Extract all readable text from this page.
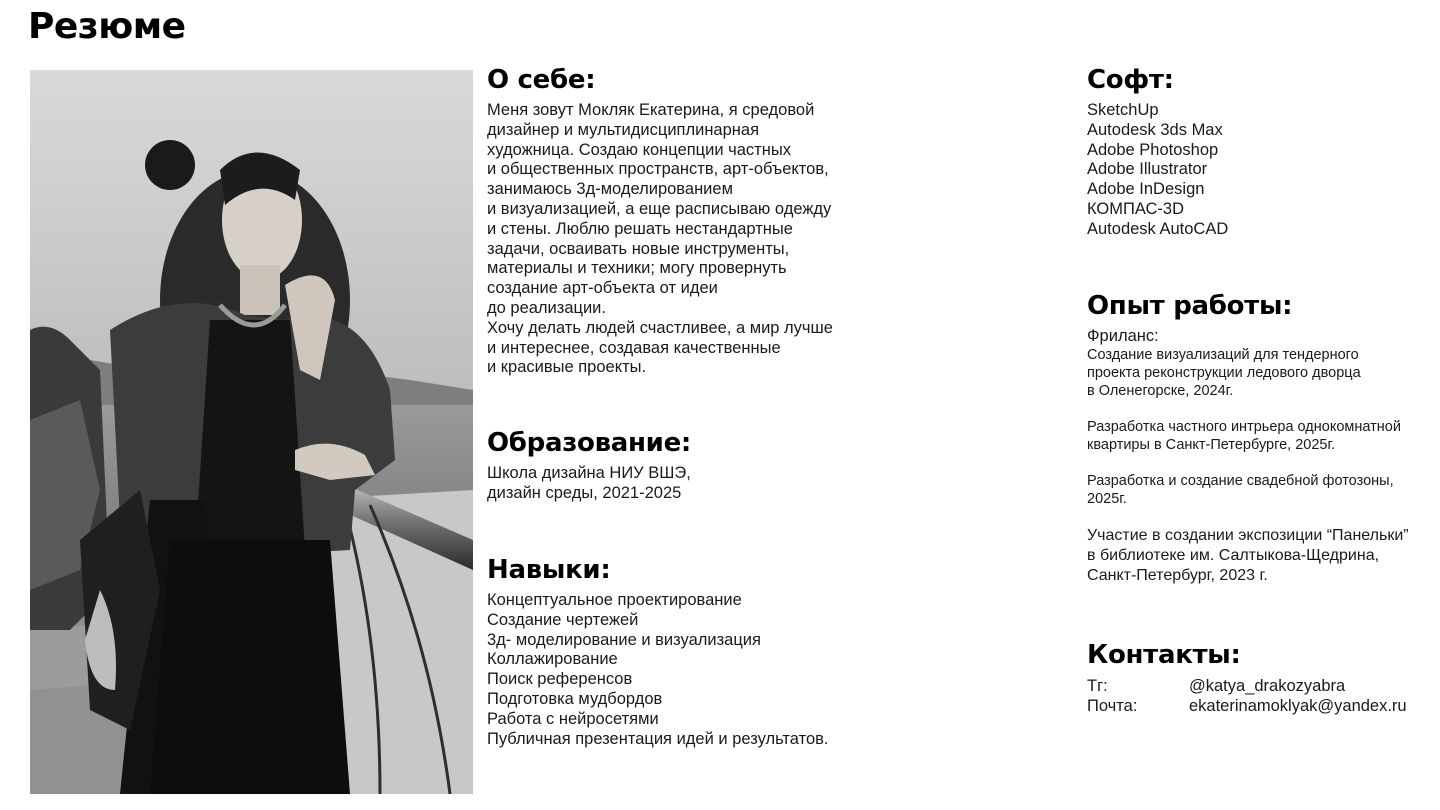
Резюме
О себе:
Меня зовут Мокляк Екатерина, я средовой
дизайнер и мультидисциплинарная
художница. Создаю концепции частных
и общественных пространств, арт-объектов,
занимаюсь 3д-моделированием
и визуализацией, а еще расписываю одежду
и стены. Люблю решать нестандартные
задачи, осваивать новые инструменты,
материалы и техники; могу провернуть
создание арт-объекта от идеи
до реализации.
Хочу делать людей счастливее, а мир лучше
и интереснее, создавая качественные
и красивые проекты.
Образование:
Школа дизайна НИУ ВШЭ,
дизайн среды, 2021-2025
Навыки:
Концептуальное проектирование
Создание чертежей
3д- моделирование и визуализация
Коллажирование
Поиск референсов
Подготовка мудбордов
Работа с нейросетями
Публичная презентация идей и результатов.
Софт:
SketchUp
Autodesk 3ds Max
Adobe Photoshop
Adobe Illustrator
Adobe InDesign
КОМПАС-3D
Autodesk AutoCAD
Опыт работы:
Фриланс:
Создание визуализаций для тендерного
проекта реконструкции ледового дворца
в Оленегорске, 2024г.
Разработка частного интрьера однокомнатной
квартиры в Санкт-Петербурге, 2025г.
Разработка и создание свадебной фотозоны,
2025г.
Участие в создании экспозиции “Панельки”
в библиотеке им. Салтыкова-Щедрина,
Санкт-Петербург, 2023 г.
Контакты:
Тг:	@katya_drakozyabra
Почта:	ekaterinamoklyak@yandex.ru
